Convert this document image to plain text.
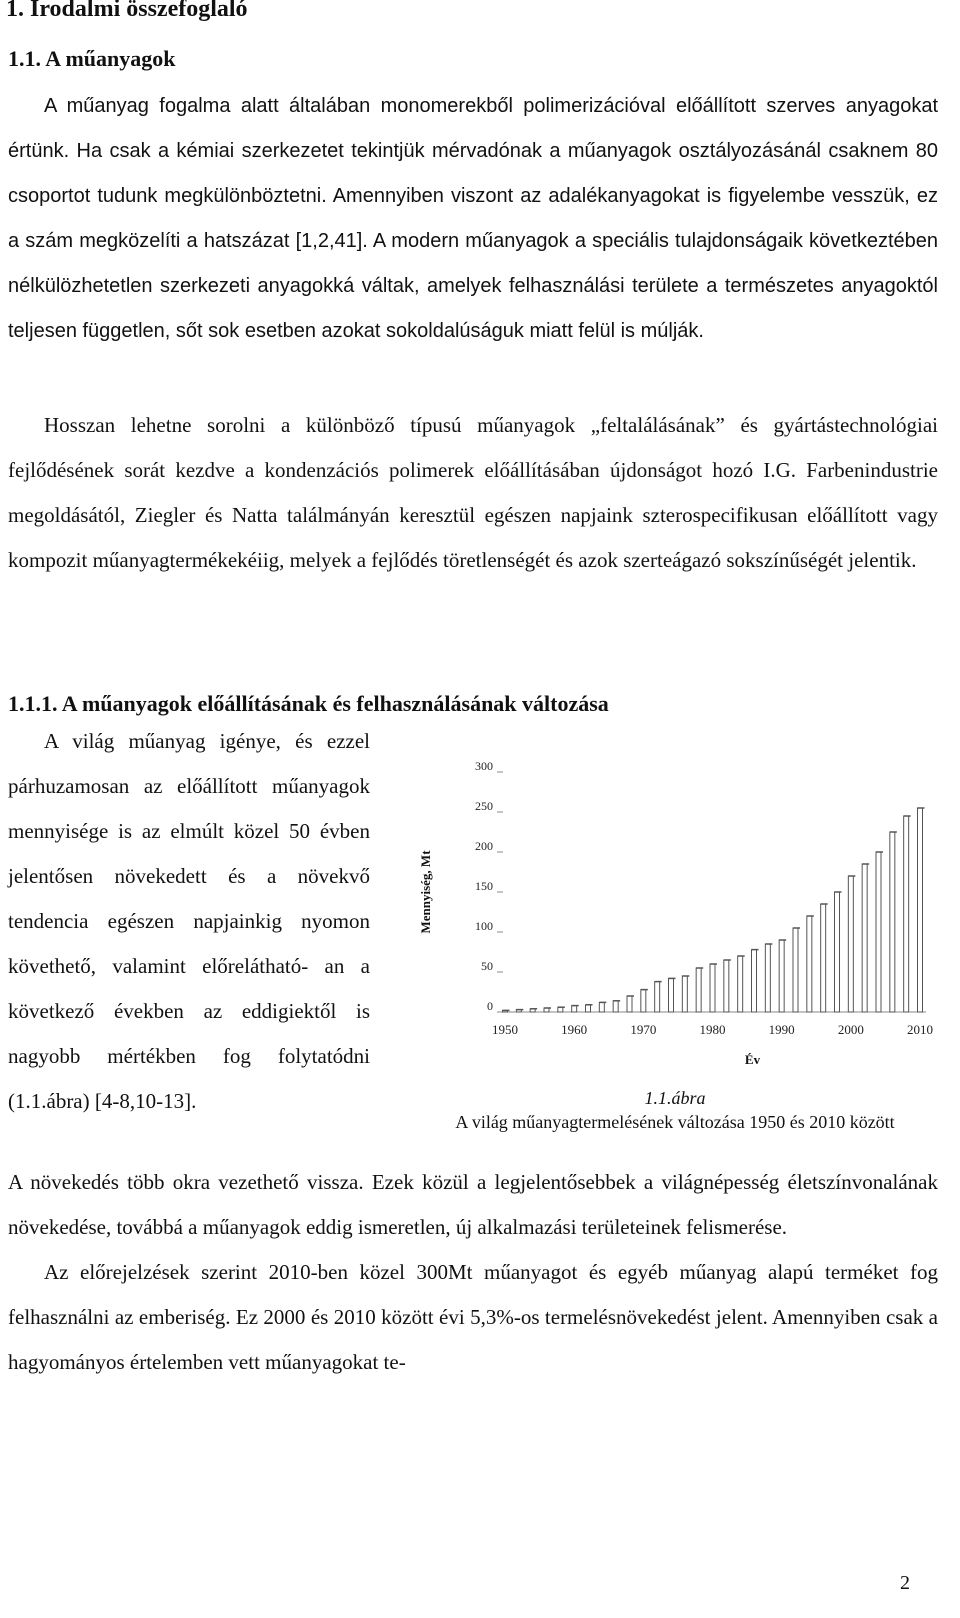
1. Irodalmi összefoglaló
1.1. A műanyagok

A műanyag fogalma alatt általában monomerekből polimerizációval előállított szerves anyagokat értünk. Ha csak a kémiai szerkezetet tekintjük mérvadónak a műanyagok osztályozásánál csaknem 80 csoportot tudunk megkülönböztetni. Amennyiben viszont az adalékanyagokat is figyelembe vesszük, ez a szám megközelíti a hatszázat [1,2,41]. A modern műanyagok a speciális tulajdonságaik következtében nélkülözhetetlen szerkezeti anyagokká váltak, amelyek felhasználási területe a természetes anyagoktól teljesen független, sőt sok esetben azokat sokoldalúságuk miatt felül is múlják.

Hosszan lehetne sorolni a különböző típusú műanyagok „feltalálásának” és gyártástechnológiai fejlődésének sorát kezdve a kondenzációs polimerek előállításában újdonságot hozó I.G. Farbenindustrie megoldásától, Ziegler és Natta találmányán keresztül egészen napjaink szterospecifikusan előállított vagy kompozit műanyagtermékekéiig, melyek a fejlődés töretlenségét és azok szerteágazó sokszínűségét jelentik.

1.1.1. A műanyagok előállításának és felhasználásának változása

A világ műanyag igénye, és ezzel párhuzamosan az előállított műanyagok mennyisége is az elmúlt közel 50 évben jelentősen növekedett és a növekvő tendencia egészen napjainkig nyomon követhető, valamint előrelátható- an a következő években az eddigiektől is nagyobb mértékben fog folytatódni (1.1.ábra) [4-8,10-13].

0
50
100
150
200
250
300
1950	1960	1970	1980	1990	2000	2010
Mennyiség, Mt
Év
1.1.ábra
A világ műanyagtermelésének változása 1950 és 2010 között

A növekedés több okra vezethető vissza. Ezek közül a legjelentősebbek a világnépesség életszínvonalának növekedése, továbbá a műanyagok eddig ismeretlen, új alkalmazási területeinek felismerése.

Az előrejelzések szerint 2010-ben közel 300Mt műanyagot és egyéb műanyag alapú terméket fog felhasználni az emberiség. Ez 2000 és 2010 között évi 5,3%-os termelésnövekedést jelent. Amennyiben csak a hagyományos értelemben vett műanyagokat te-

2
